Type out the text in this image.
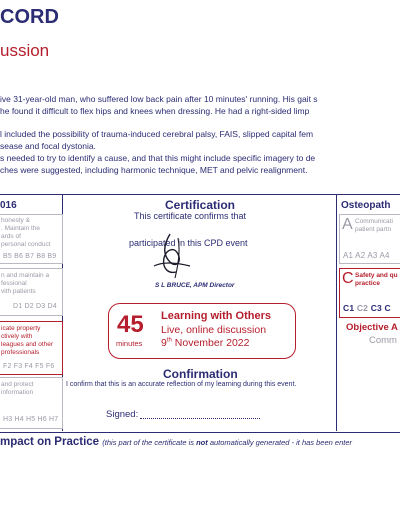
CORD
ussion
ive 31-year-old man, who suffered low back pain after 10 minutes' running. His gait s
he found it difficult to flex hips and knees when dressing. He had a right-sided limp
l included the possibility of trauma-induced cerebral palsy, FAIS, slipped capital fem
sease and focal dystonia.
s needed to try to identify a cause, and that this might include specific imagery to de
ches were suggested, including harmonic technique, MET and pelvic realignment.
016
honesty &
. Maintain the
ards of
personal conduct
B5 B6 B7 B8 B9
n and maintain a
fessional
vith patients
D1 D2 D3 D4
icate property
ctively with
leagues and other
professionals
F2 F3 F4 F5 F6
and protect
information
H3 H4 H5 H6 H7
Certification
This certificate confirms that
participated in this CPD event
S L BRUCE, APM Director
45
minutes
Learning with Others
Live, online discussion
9th November 2022
Confirmation
I confirm that this is an accurate reflection of my learning during this event.
Signed:
Osteopath
A Communicati
patient partn
A1 A2 A3 A4
C Safety and qu
practice
C1 C2 C3 C
Objective A
Comm
mpact on Practice (this part of the certificate is not automatically generated - it has been enter
